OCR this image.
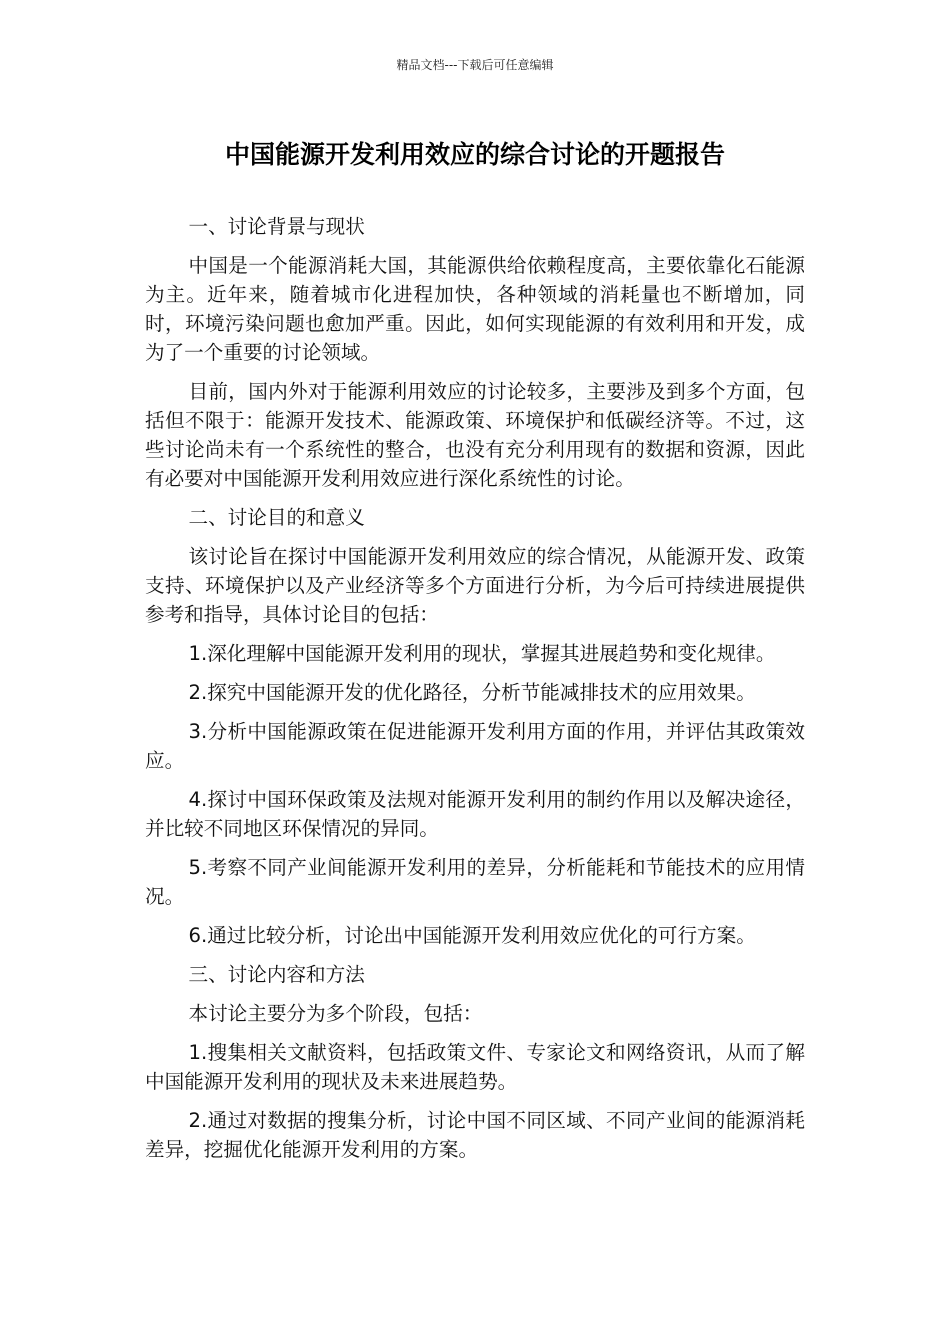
精品文档---下载后可任意编辑
中国能源开发利用效应的综合讨论的开题报告

一、讨论背景与现状

中国是一个能源消耗大国，其能源供给依赖程度高，主要依靠化石能源为主。近年来，随着城市化进程加快，各种领域的消耗量也不断增加，同时，环境污染问题也愈加严重。因此，如何实现能源的有效利用和开发，成为了一个重要的讨论领域。

目前，国内外对于能源利用效应的讨论较多，主要涉及到多个方面，包括但不限于：能源开发技术、能源政策、环境保护和低碳经济等。不过，这些讨论尚未有一个系统性的整合，也没有充分利用现有的数据和资源，因此有必要对中国能源开发利用效应进行深化系统性的讨论。

二、讨论目的和意义

该讨论旨在探讨中国能源开发利用效应的综合情况，从能源开发、政策支持、环境保护以及产业经济等多个方面进行分析，为今后可持续进展提供参考和指导，具体讨论目的包括：

1.深化理解中国能源开发利用的现状，掌握其进展趋势和变化规律。

2.探究中国能源开发的优化路径，分析节能减排技术的应用效果。

3.分析中国能源政策在促进能源开发利用方面的作用，并评估其政策效应。

4.探讨中国环保政策及法规对能源开发利用的制约作用以及解决途径，并比较不同地区环保情况的异同。

5.考察不同产业间能源开发利用的差异，分析能耗和节能技术的应用情况。

6.通过比较分析，讨论出中国能源开发利用效应优化的可行方案。

三、讨论内容和方法

本讨论主要分为多个阶段，包括：

1.搜集相关文献资料，包括政策文件、专家论文和网络资讯，从而了解中国能源开发利用的现状及未来进展趋势。

2.通过对数据的搜集分析，讨论中国不同区域、不同产业间的能源消耗差异，挖掘优化能源开发利用的方案。
